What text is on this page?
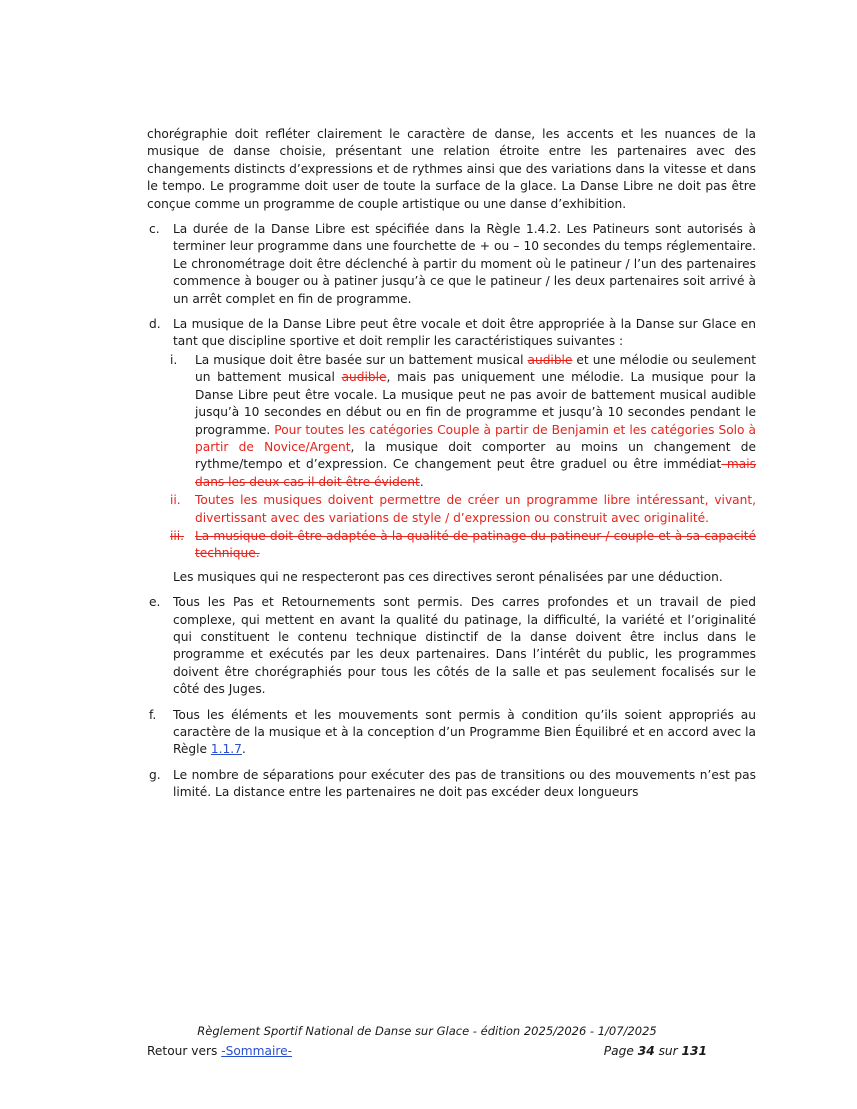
chorégraphie doit refléter clairement le caractère de danse, les accents et les nuances de la musique de danse choisie, présentant une relation étroite entre les partenaires avec des changements distincts d’expressions et de rythmes ainsi que des variations dans la vitesse et dans le tempo. Le programme doit user de toute la surface de la glace. La Danse Libre ne doit pas être conçue comme un programme de couple artistique ou une danse d’exhibition.

c. La durée de la Danse Libre est spécifiée dans la Règle 1.4.2. Les Patineurs sont autorisés à terminer leur programme dans une fourchette de + ou – 10 secondes du temps réglementaire. Le chronométrage doit être déclenché à partir du moment où le patineur / l’un des partenaires commence à bouger ou à patiner jusqu’à ce que le patineur / les deux partenaires soit arrivé à un arrêt complet en fin de programme.

d. La musique de la Danse Libre peut être vocale et doit être appropriée à la Danse sur Glace en tant que discipline sportive et doit remplir les caractéristiques suivantes :

i. La musique doit être basée sur un battement musical audible et une mélodie ou seulement un battement musical audible, mais pas uniquement une mélodie. La musique pour la Danse Libre peut être vocale. La musique peut ne pas avoir de battement musical audible jusqu’à 10 secondes en début ou en fin de programme et jusqu’à 10 secondes pendant le programme. Pour toutes les catégories Couple à partir de Benjamin et les catégories Solo à partir de Novice/Argent, la musique doit comporter au moins un changement de rythme/tempo et d’expression. Ce changement peut être graduel ou être immédiat mais dans les deux cas il doit être évident.

ii. Toutes les musiques doivent permettre de créer un programme libre intéressant, vivant, divertissant avec des variations de style / d’expression ou construit avec originalité.

iii. La musique doit être adaptée à la qualité de patinage du patineur / couple et à sa capacité technique.

Les musiques qui ne respecteront pas ces directives seront pénalisées par une déduction.

e. Tous les Pas et Retournements sont permis. Des carres profondes et un travail de pied complexe, qui mettent en avant la qualité du patinage, la difficulté, la variété et l’originalité qui constituent le contenu technique distinctif de la danse doivent être inclus dans le programme et exécutés par les deux partenaires. Dans l’intérêt du public, les programmes doivent être chorégraphiés pour tous les côtés de la salle et pas seulement focalisés sur le côté des Juges.

f. Tous les éléments et les mouvements sont permis à condition qu’ils soient appropriés au caractère de la musique et à la conception d’un Programme Bien Équilibré et en accord avec la Règle 1.1.7.

g. Le nombre de séparations pour exécuter des pas de transitions ou des mouvements n’est pas limité. La distance entre les partenaires ne doit pas excéder deux longueurs

Règlement Sportif National de Danse sur Glace - édition 2025/2026 - 1/07/2025
Retour vers -Sommaire-	Page 34 sur 131
